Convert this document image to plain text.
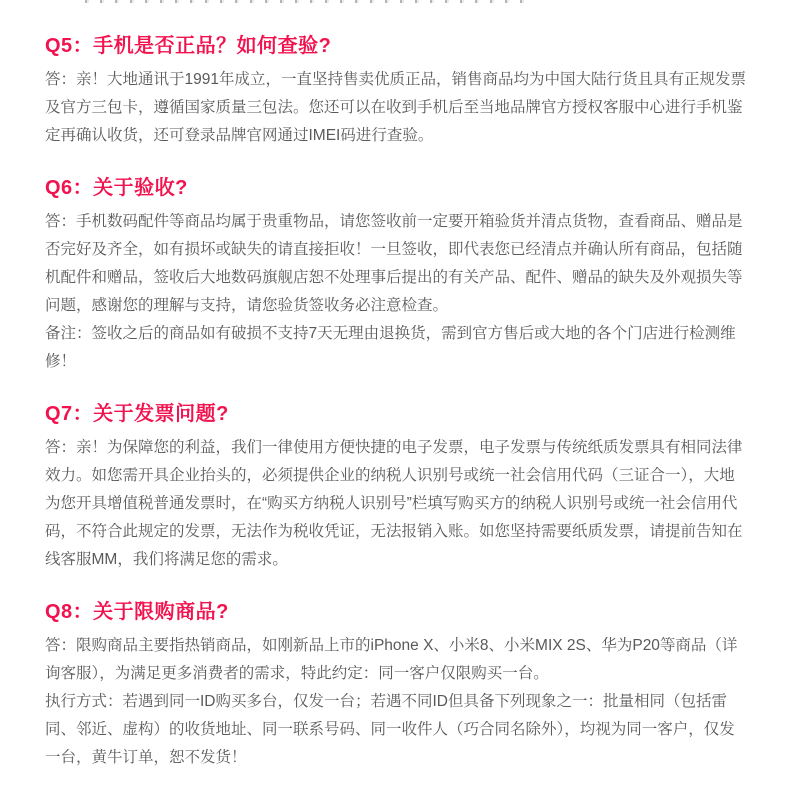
Q5：手机是否正品？如何查验?

答：亲！大地通讯于1991年成立，一直坚持售卖优质正品，销售商品均为中国大陆行货且具有正规发票及官方三包卡，遵循国家质量三包法。您还可以在收到手机后至当地品牌官方授权客服中心进行手机鉴定再确认收货，还可登录品牌官网通过IMEI码进行查验。

Q6：关于验收?

答：手机数码配件等商品均属于贵重物品，请您签收前一定要开箱验货并清点货物，查看商品、赠品是否完好及齐全，如有损坏或缺失的请直接拒收！一旦签收，即代表您已经清点并确认所有商品，包括随机配件和赠品，签收后大地数码旗舰店恕不处理事后提出的有关产品、配件、赠品的缺失及外观损失等问题，感谢您的理解与支持，请您验货签收务必注意检查。

备注：签收之后的商品如有破损不支持7天无理由退换货，需到官方售后或大地的各个门店进行检测维修！

Q7：关于发票问题?

答：亲！为保障您的利益，我们一律使用方便快捷的电子发票，电子发票与传统纸质发票具有相同法律效力。如您需开具企业抬头的，必须提供企业的纳税人识别号或统一社会信用代码（三证合一），大地为您开具增值税普通发票时，在“购买方纳税人识别号”栏填写购买方的纳税人识别号或统一社会信用代码，不符合此规定的发票，无法作为税收凭证，无法报销入账。如您坚持需要纸质发票，请提前告知在线客服MM，我们将满足您的需求。

Q8：关于限购商品?

答：限购商品主要指热销商品，如刚新品上市的iPhone X、小米8、小米MIX 2S、华为P20等商品（详询客服），为满足更多消费者的需求，特此约定：同一客户仅限购买一台。

执行方式：若遇到同一ID购买多台，仅发一台；若遇不同ID但具备下列现象之一：批量相同（包括雷同、邻近、虚构）的收货地址、同一联系号码、同一收件人（巧合同名除外），均视为同一客户，仅发一台，黄牛订单，恕不发货！
